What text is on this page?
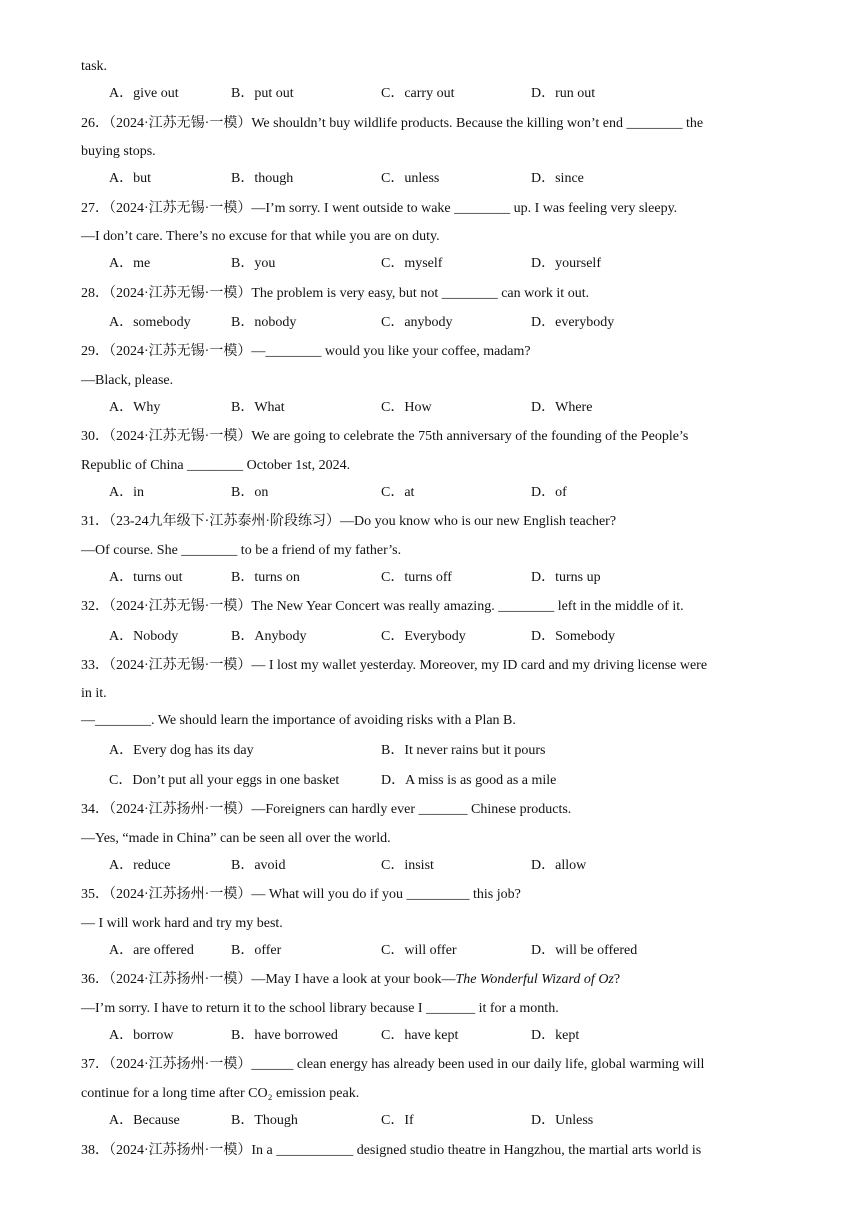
task.
A．give out	B．put out	C．carry out	D．run out
26．（2024·江苏无锡·一模）We shouldn’t buy wildlife products. Because the killing won’t end ________ the
buying stops.
A．but	B．though	C．unless	D．since
27．（2024·江苏无锡·一模）—I’m sorry. I went outside to wake ________ up. I was feeling very sleepy.
—I don’t care. There’s no excuse for that while you are on duty.
A．me	B．you	C．myself	D．yourself
28．（2024·江苏无锡·一模）The problem is very easy, but not ________ can work it out.
A．somebody	B．nobody	C．anybody	D．everybody
29．（2024·江苏无锡·一模）—________ would you like your coffee, madam?
—Black, please.
A．Why	B．What	C．How	D．Where
30．（2024·江苏无锡·一模）We are going to celebrate the 75th anniversary of the founding of the People’s
Republic of China ________ October 1st, 2024.
A．in	B．on	C．at	D．of
31．（23-24九年级下·江苏泰州·阶段练习）—Do you know who is our new English teacher?
—Of course. She ________ to be a friend of my father’s.
A．turns out	B．turns on	C．turns off	D．turns up
32．（2024·江苏无锡·一模）The New Year Concert was really amazing. ________ left in the middle of it.
A．Nobody	B．Anybody	C．Everybody	D．Somebody
33．（2024·江苏无锡·一模）— I lost my wallet yesterday. Moreover, my ID card and my driving license were
in it.
—________. We should learn the importance of avoiding risks with a Plan B.
A．Every dog has its day	B．It never rains but it pours
C．Don’t put all your eggs in one basket	D．A miss is as good as a mile
34．（2024·江苏扬州·一模）—Foreigners can hardly ever _______ Chinese products.
—Yes, “made in China” can be seen all over the world.
A．reduce	B．avoid	C．insist	D．allow
35．（2024·江苏扬州·一模）— What will you do if you _________ this job?
— I will work hard and try my best.
A．are offered	B．offer	C．will offer	D．will be offered
36．（2024·江苏扬州·一模）—May I have a look at your book—The Wonderful Wizard of Oz?
—I’m sorry. I have to return it to the school library because I _______ it for a month.
A．borrow	B．have borrowed	C．have kept	D．kept
37．（2024·江苏扬州·一模）______ clean energy has already been used in our daily life, global warming will
continue for a long time after CO₂ emission peak.
A．Because	B．Though	C．If	D．Unless
38．（2024·江苏扬州·一模）In a ___________ designed studio theatre in Hangzhou, the martial arts world is
